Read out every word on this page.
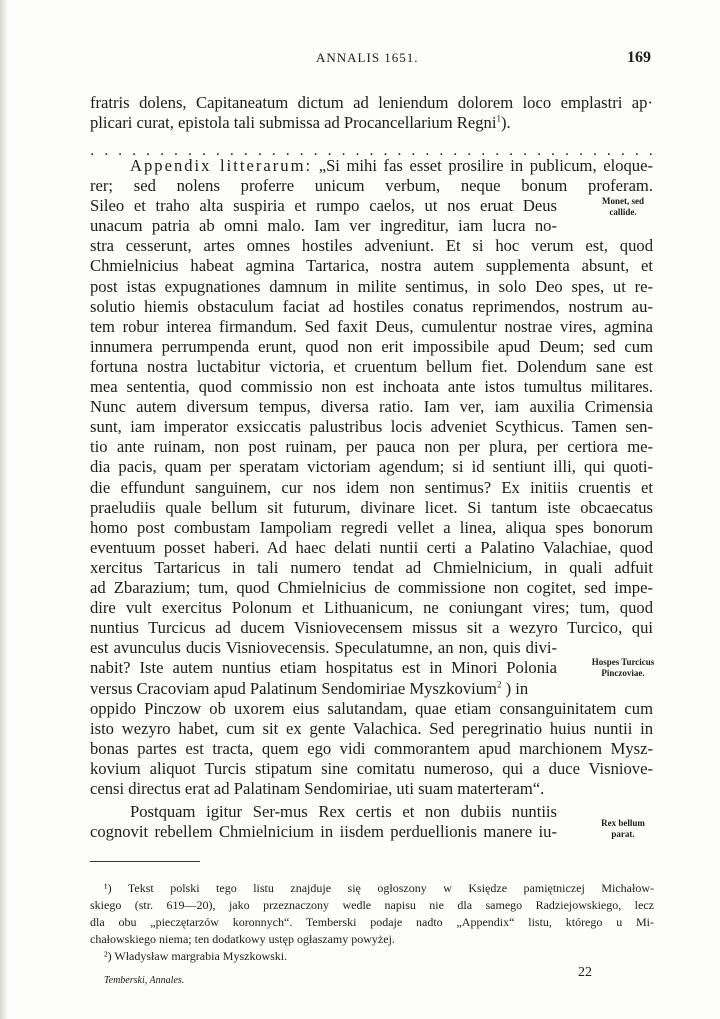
ANNALIS 1651.	169
fratris dolens, Capitaneatum dictum ad leniendum dolorem loco emplastri ap·
plicari curat, epistola tali submissa ad Procancellarium Regni$^1$).
. . . . . . . . . . . . . . . . . . . . . . . . . . . . . . . . . . . . . . . . .
Appendix litterarum: „Si mihi fas esset prosilire in publicum, eloque-
rer; sed nolens proferre unicum verbum, neque bonum proferam.
Sileo et traho alta suspiria et rumpo caelos, ut nos eruat Deus
unacum patria ab omni malo. Iam ver ingreditur, iam lucra no-
stra cesserunt, artes omnes hostiles adveniunt. Et si hoc verum est, quod
Chmielnicius habeat agmina Tartarica, nostra autem supplementa absunt, et
post istas expugnationes damnum in milite sentimus, in solo Deo spes, ut re-
solutio hiemis obstaculum faciat ad hostiles conatus reprimendos, nostrum au-
tem robur interea firmandum. Sed faxit Deus, cumulentur nostrae vires, agmina
innumera perrumpenda erunt, quod non erit impossibile apud Deum; sed cum
fortuna nostra luctabitur victoria, et cruentum bellum fiet. Dolendum sane est
mea sententia, quod commissio non est inchoata ante istos tumultus militares.
Nunc autem diversum tempus, diversa ratio. Iam ver, iam auxilia Crimensia
sunt, iam imperator exsiccatis palustribus locis adveniet Scythicus. Tamen sen-
tio ante ruinam, non post ruinam, per pauca non per plura, per certiora me-
dia pacis, quam per speratam victoriam agendum; si id sentiunt illi, qui quoti-
die effundunt sanguinem, cur nos idem non sentimus? Ex initiis cruentis et
praeludiis quale bellum sit futurum, divinare licet. Si tantum iste obcaecatus
homo post combustam Iampoliam regredi vellet a linea, aliqua spes bonorum
eventuum posset haberi. Ad haec delati nuntii certi a Palatino Valachiae, quod
xercitus Tartaricus in tali numero tendat ad Chmielnicium, in quali adfuit
ad Zbarazium; tum, quod Chmielnicius de commissione non cogitet, sed impe-
dire vult exercitus Polonum et Lithuanicum, ne coniungant vires; tum, quod
nuntius Turcicus ad ducem Visniovecensem missus sit a wezyro Turcico, qui
est avunculus ducis Visniovecensis. Speculatumne, an non, quis divi-
nabit? Iste autem nuntius etiam hospitatus est in Minori Polonia
versus Cracoviam apud Palatinum Sendomiriae Myszkovium$^2$ ) in
oppido Pinczow ob uxorem eius salutandam, quae etiam consanguinitatem cum
isto wezyro habet, cum sit ex gente Valachica. Sed peregrinatio huius nuntii in
bonas partes est tracta, quem ego vidi commorantem apud marchionem Mysz-
kovium aliquot Turcis stipatum sine comitatu numeroso, qui a duce Visniove-
censi directus erat ad Palatinam Sendomiriae, uti suam materteram“.
Postquam igitur Ser-mus Rex certis et non dubiis nuntiis
cognovit rebellem Chmielnicium in iisdem perduellionis manere iu-
Monet, sed
callide.
Hospes Turcicus
Pinczoviae.
Rex bellum
parat.
¹) Tekst polski tego listu znajduje się ogłoszony w Księdze pamiętniczej Michałow-
skiego (str. 619—20), jako przeznaczony wedle napisu nie dla samego Radziejowskiego, lecz
dla obu „pieczętarzów koronnych“. Temberski podaje nadto „Appendix“ listu, którego u Mi-
chałowskiego niema; ten dodatkowy ustęp ogłaszamy powyżej.
²) Władysław margrabia Myszkowski.
Temberski, Annales.
22
